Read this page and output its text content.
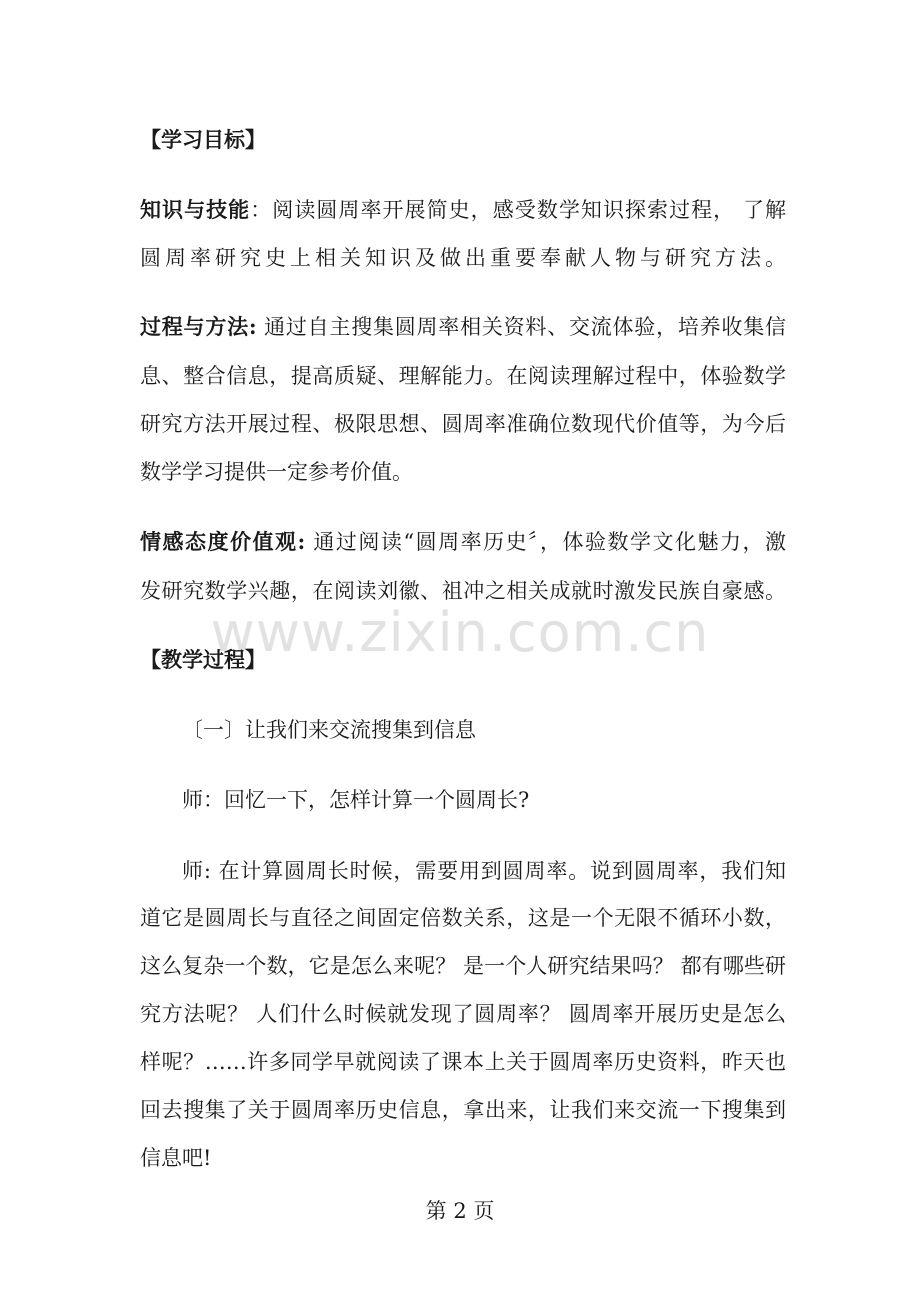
【学习目标】
知识与技能：阅读圆周率开展简史，感受数学知识探索过程， 了解
圆周率研究史上相关知识及做出重要奉献人物与研究方法。
过程与方法: 通过自主搜集圆周率相关资料、交流体验，培养收集信
息、整合信息，提高质疑、理解能力。在阅读理解过程中，体验数学
研究方法开展过程、极限思想、圆周率准确位数现代价值等，为今后
数学学习提供一定参考价值。
情感态度价值观: 通过阅读“圆周率历史〞，体验数学文化魅力，激
发研究数学兴趣，在阅读刘徽、祖冲之相关成就时激发民族自豪感。
www.zixin.com.cn
【教学过程】
〔一〕让我们来交流搜集到信息
师：回忆一下，怎样计算一个圆周长?
师: 在计算圆周长时候，需要用到圆周率。说到圆周率，我们知
道它是圆周长与直径之间固定倍数关系，这是一个无限不循环小数，
这么复杂一个数，它是怎么来呢？ 是一个人研究结果吗？ 都有哪些研
究方法呢？ 人们什么时候就发现了圆周率？ 圆周率开展历史是怎么
样呢？……许多同学早就阅读了课本上关于圆周率历史资料，昨天也
回去搜集了关于圆周率历史信息，拿出来，让我们来交流一下搜集到
信息吧!
第 2 页
